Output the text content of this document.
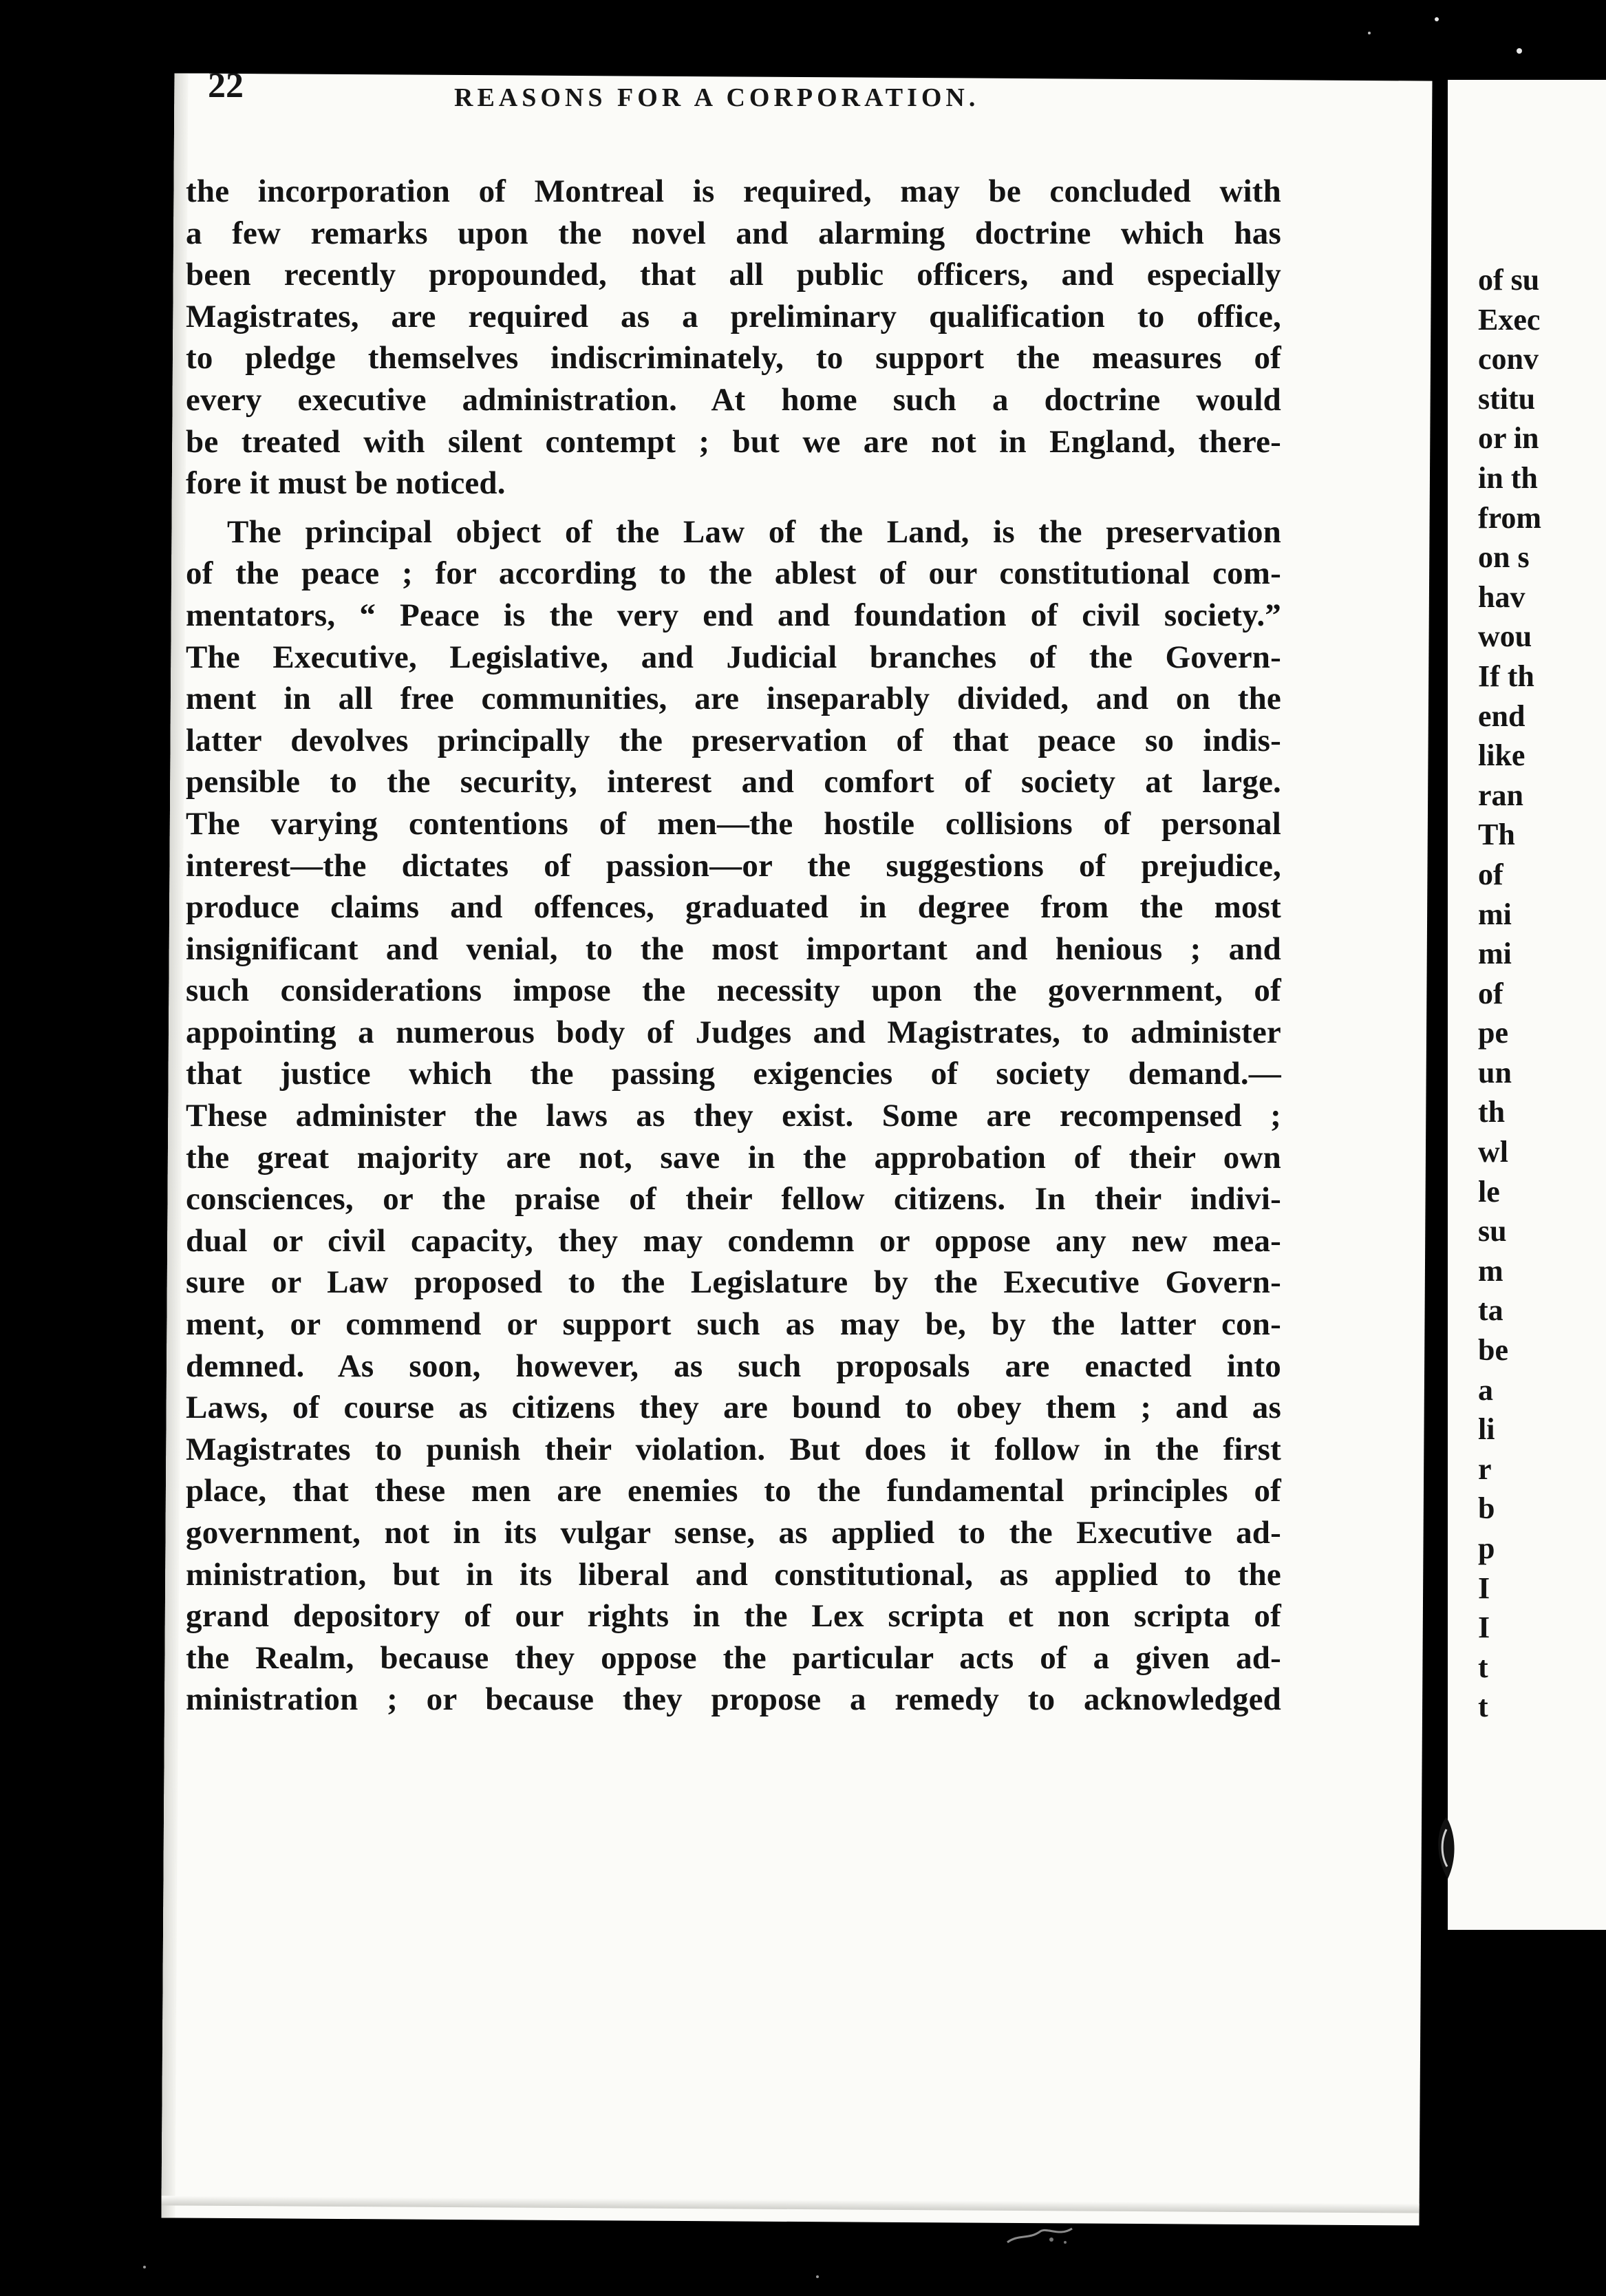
22	REASONS FOR A CORPORATION.
the incorporation of Montreal is required, may be concluded with
a few remarks upon the novel and alarming doctrine which has
been recently propounded, that all public officers, and especially
Magistrates, are required as a preliminary qualification to office,
to pledge themselves indiscriminately, to support the measures of
every executive administration. At home such a doctrine would
be treated with silent contempt ; but we are not in England, there-
fore it must be noticed.
The principal object of the Law of the Land, is the preservation
of the peace ; for according to the ablest of our constitutional com-
mentators, “ Peace is the very end and foundation of civil society.”
The Executive, Legislative, and Judicial branches of the Govern-
ment in all free communities, are inseparably divided, and on the
latter devolves principally the preservation of that peace so indis-
pensible to the security, interest and comfort of society at large.
The varying contentions of men—the hostile collisions of personal
interest—the dictates of passion—or the suggestions of prejudice,
produce claims and offences, graduated in degree from the most
insignificant and venial, to the most important and henious ; and
such considerations impose the necessity upon the government, of
appointing a numerous body of Judges and Magistrates, to administer
that justice which the passing exigencies of society demand.—
These administer the laws as they exist. Some are recompensed ;
the great majority are not, save in the approbation of their own
consciences, or the praise of their fellow citizens. In their indivi-
dual or civil capacity, they may condemn or oppose any new mea-
sure or Law proposed to the Legislature by the Executive Govern-
ment, or commend or support such as may be, by the latter con-
demned. As soon, however, as such proposals are enacted into
Laws, of course as citizens they are bound to obey them ; and as
Magistrates to punish their violation. But does it follow in the first
place, that these men are enemies to the fundamental principles of
government, not in its vulgar sense, as applied to the Executive ad-
ministration, but in its liberal and constitutional, as applied to the
grand depository of our rights in the Lex scripta et non scripta of
the Realm, because they oppose the particular acts of a given ad-
ministration ; or because they propose a remedy to acknowledged
of su
Exec
conv
stitu
or in
in th
from
on s
hav
wou
If th
end
like
ran
Th
of
mi
mi
of
pe
un
th
wl
le
su
m
ta
be
a
li
r
b
p
I
I
t
t
